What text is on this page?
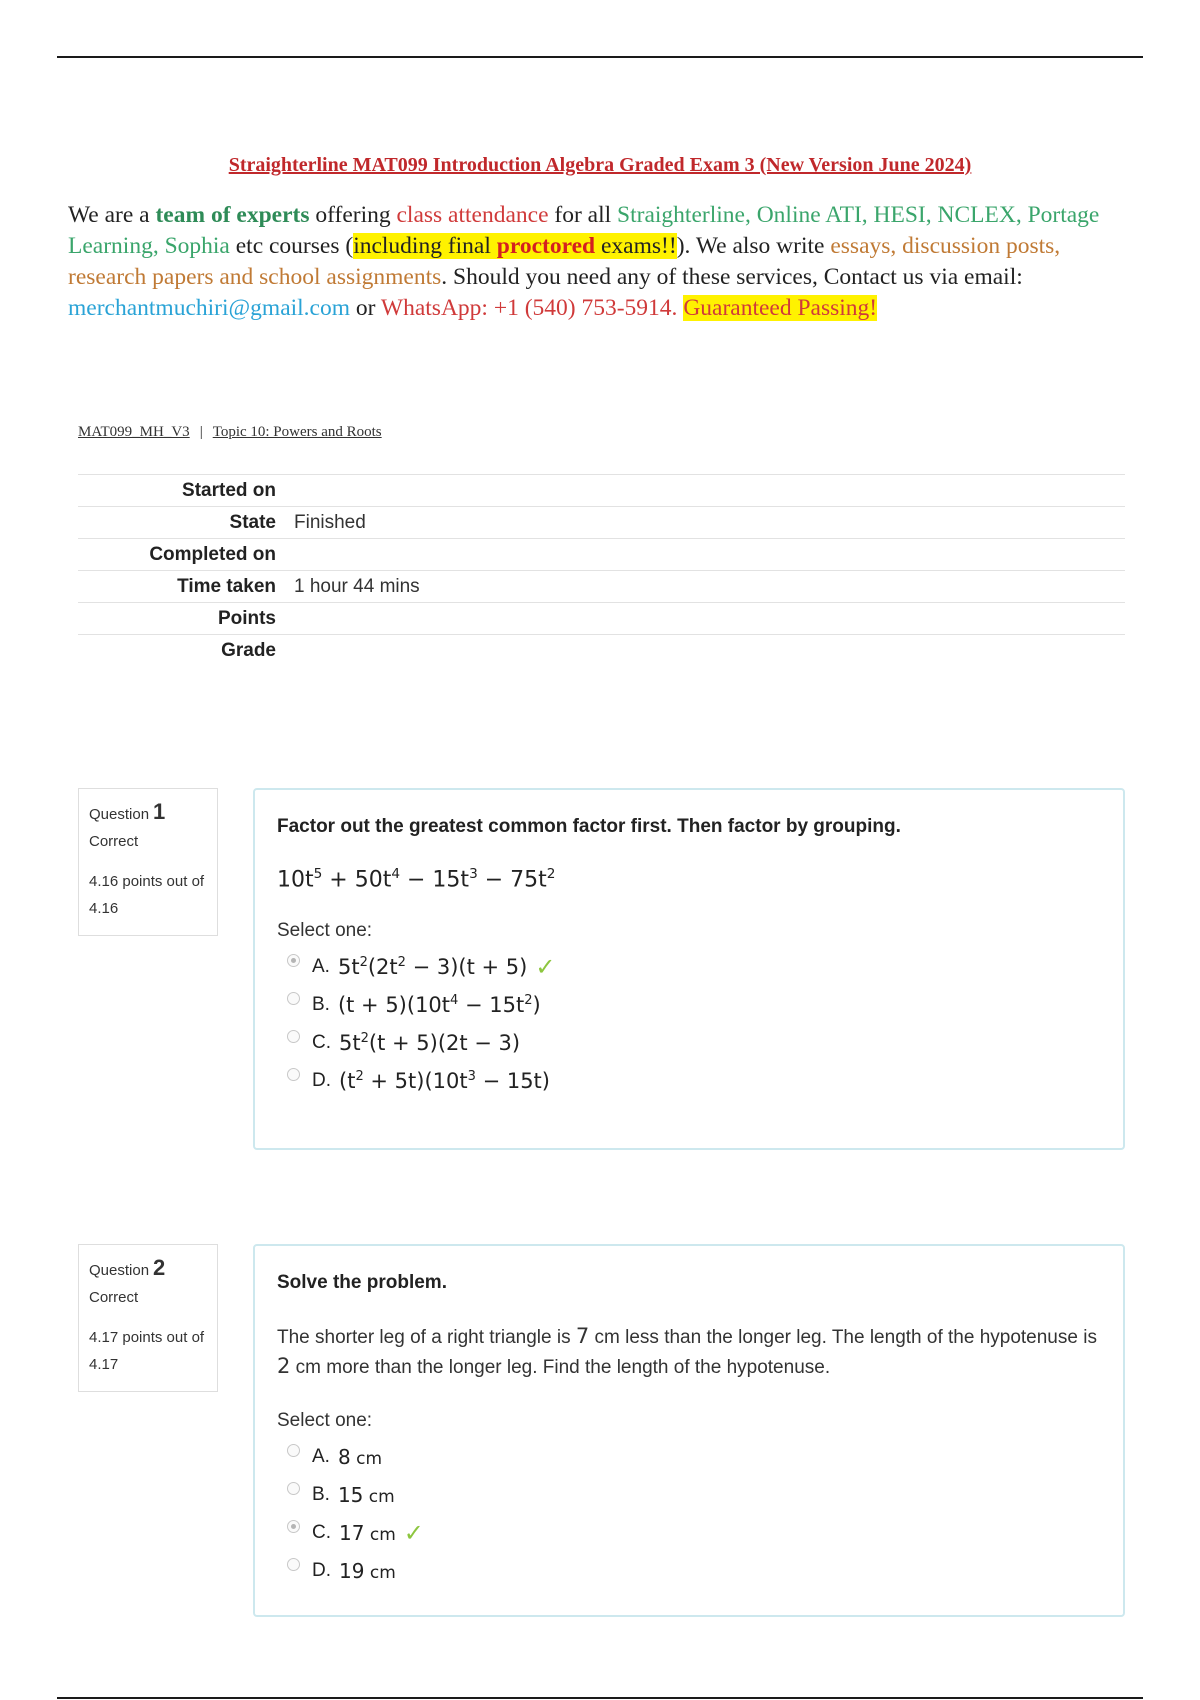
Straighterline MAT099 Introduction Algebra Graded Exam 3 (New Version June 2024)
We are a team of experts offering class attendance for all Straighterline, Online ATI, HESI, NCLEX, Portage Learning, Sophia etc courses (including final proctored exams!!). We also write essays, discussion posts, research papers and school assignments. Should you need any of these services, Contact us via email: merchantmuchiri@gmail.com or WhatsApp: +1 (540) 753-5914. Guaranteed Passing!
MAT099_MH_V3 | Topic 10: Powers and Roots
Started on	
State	Finished
Completed on	
Time taken	1 hour 44 mins
Points	
Grade	
Question 1
Correct
4.16 points out of 4.16
Factor out the greatest common factor first. Then factor by grouping.
$10t^5 + 50t^4 - 15t^3 - 75t^2$
Select one:
A. $5t^2(2t^2 - 3)(t + 5)$ ✓
B. $(t + 5)(10t^4 - 15t^2)$
C. $5t^2(t + 5)(2t - 3)$
D. $(t^2 + 5t)(10t^3 - 15t)$
Question 2
Correct
4.17 points out of 4.17
Solve the problem.
The shorter leg of a right triangle is 7 cm less than the longer leg. The length of the hypotenuse is 2 cm more than the longer leg. Find the length of the hypotenuse.
Select one:
A. 8 cm
B. 15 cm
C. 17 cm ✓
D. 19 cm
